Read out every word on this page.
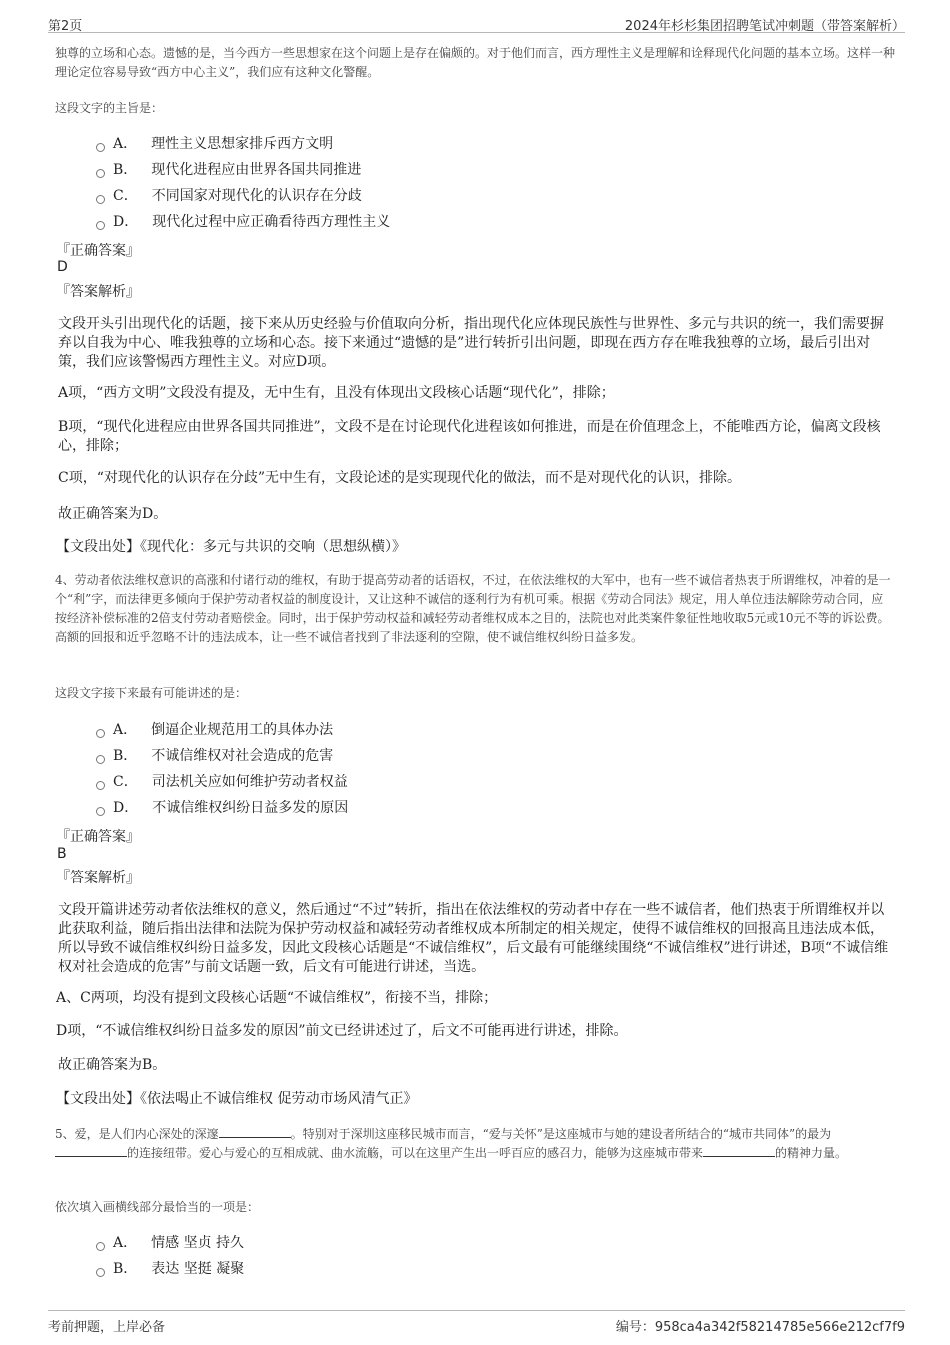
第2页	2024年杉杉集团招聘笔试冲刺题（带答案解析）
独尊的立场和心态。遗憾的是，当今西方一些思想家在这个问题上是存在偏颇的。对于他们而言，西方理性主义是理解和诠释现代化问题的基本立场。这样一种理论定位容易导致“西方中心主义”，我们应有这种文化警醒。
这段文字的主旨是：
A． 理性主义思想家排斥西方文明
B． 现代化进程应由世界各国共同推进
C． 不同国家对现代化的认识存在分歧
D． 现代化过程中应正确看待西方理性主义
『正确答案』
D
『答案解析』
文段开头引出现代化的话题，接下来从历史经验与价值取向分析，指出现代化应体现民族性与世界性、多元与共识的统一，我们需要摒弃以自我为中心、唯我独尊的立场和心态。接下来通过“遗憾的是”进行转折引出问题，即现在西方存在唯我独尊的立场，最后引出对策，我们应该警惕西方理性主义。对应D项。
A项，“西方文明”文段没有提及，无中生有，且没有体现出文段核心话题“现代化”，排除；
B项，“现代化进程应由世界各国共同推进”，文段不是在讨论现代化进程该如何推进，而是在价值理念上，不能唯西方论，偏离文段核心，排除；
C项，“对现代化的认识存在分歧”无中生有，文段论述的是实现现代化的做法，而不是对现代化的认识，排除。
故正确答案为D。
【文段出处】《现代化：多元与共识的交响（思想纵横）》
4、劳动者依法维权意识的高涨和付诸行动的维权，有助于提高劳动者的话语权，不过，在依法维权的大军中，也有一些不诚信者热衷于所谓维权，冲着的是一个“利”字，而法律更多倾向于保护劳动者权益的制度设计，又让这种不诚信的逐利行为有机可乘。根据《劳动合同法》规定，用人单位违法解除劳动合同，应按经济补偿标准的2倍支付劳动者赔偿金。同时，出于保护劳动权益和减轻劳动者维权成本之目的，法院也对此类案件象征性地收取5元或10元不等的诉讼费。高额的回报和近乎忽略不计的违法成本，让一些不诚信者找到了非法逐利的空隙，使不诚信维权纠纷日益多发。
这段文字接下来最有可能讲述的是：
A． 倒逼企业规范用工的具体办法
B． 不诚信维权对社会造成的危害
C． 司法机关应如何维护劳动者权益
D． 不诚信维权纠纷日益多发的原因
『正确答案』
B
『答案解析』
文段开篇讲述劳动者依法维权的意义，然后通过“不过”转折，指出在依法维权的劳动者中存在一些不诚信者，他们热衷于所谓维权并以此获取利益，随后指出法律和法院为保护劳动权益和减轻劳动者维权成本所制定的相关规定，使得不诚信维权的回报高且违法成本低，所以导致不诚信维权纠纷日益多发，因此文段核心话题是“不诚信维权”，后文最有可能继续围绕“不诚信维权”进行讲述，B项“不诚信维权对社会造成的危害”与前文话题一致，后文有可能进行讲述，当选。
A、C两项，均没有提到文段核心话题“不诚信维权”，衔接不当，排除；
D项，“不诚信维权纠纷日益多发的原因”前文已经讲述过了，后文不可能再进行讲述，排除。
故正确答案为B。
【文段出处】《依法喝止不诚信维权 促劳动市场风清气正》
5、爱，是人们内心深处的深邃	。特别对于深圳这座移民城市而言，“爱与关怀”是这座城市与她的建设者所结合的“城市共同体”的最为的连接纽带。爱心与爱心的互相成就、曲水流觞，可以在这里产生出一呼百应的感召力，能够为这座城市带来	的精神力量。
依次填入画横线部分最恰当的一项是：
A． 情感 坚贞 持久
B． 表达 坚挺 凝聚
考前押题，上岸必备	编号：958ca4a342f58214785e566e212cf7f9
